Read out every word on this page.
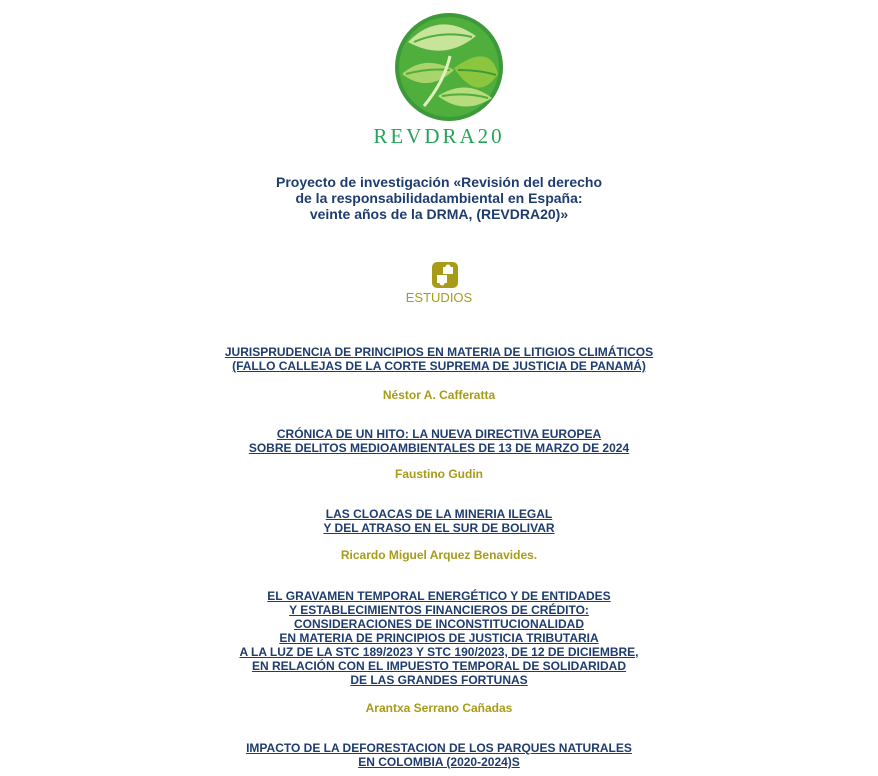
REVDRA20
Proyecto de investigación «Revisión del derecho
de la responsabilidadambiental en España:
veinte años de la DRMA, (REVDRA20)»
ESTUDIOS
JURISPRUDENCIA DE PRINCIPIOS EN MATERIA DE LITIGIOS CLIMÁTICOS
(FALLO CALLEJAS DE LA CORTE SUPREMA DE JUSTICIA DE PANAMÁ)
Néstor A. Cafferatta
CRÓNICA DE UN HITO: LA NUEVA DIRECTIVA EUROPEA
SOBRE DELITOS MEDIOAMBIENTALES DE 13 DE MARZO DE 2024
Faustino Gudin
LAS CLOACAS DE LA MINERIA ILEGAL
Y DEL ATRASO EN EL SUR DE BOLIVAR
Ricardo Miguel Arquez Benavides.
EL GRAVAMEN TEMPORAL ENERGÉTICO Y DE ENTIDADES
Y ESTABLECIMIENTOS FINANCIEROS DE CRÉDITO:
CONSIDERACIONES DE INCONSTITUCIONALIDAD
EN MATERIA DE PRINCIPIOS DE JUSTICIA TRIBUTARIA
A LA LUZ DE LA STC 189/2023 Y STC 190/2023, DE 12 DE DICIEMBRE,
EN RELACIÓN CON EL IMPUESTO TEMPORAL DE SOLIDARIDAD
DE LAS GRANDES FORTUNAS
Arantxa Serrano Cañadas
IMPACTO DE LA DEFORESTACION DE LOS PARQUES NATURALES
EN COLOMBIA (2020-2024)S
